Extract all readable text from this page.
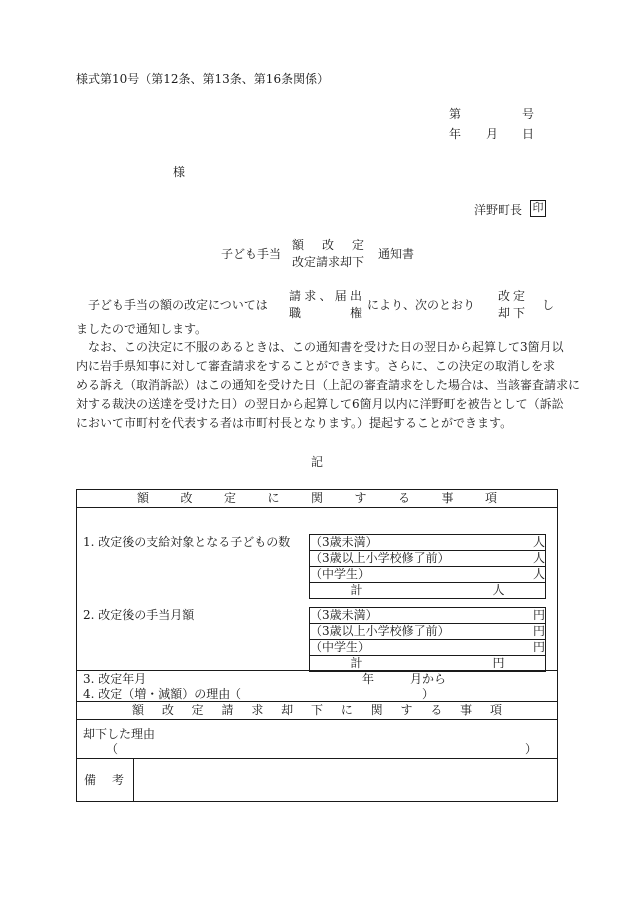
様式第10号（第12条、第13条、第16条関係）
第	号
年 月 日
様
洋野町長 印
子ども手当
額改定
改定請求却下
通知書
子ども手当の額の改定については
請求、届出
職権
により、次のとおり
改定
却下
し
ましたので通知します。
なお、この決定に不服のあるときは、この通知書を受けた日の翌日から起算して3箇月以
内に岩手県知事に対して審査請求をすることができます。さらに、この決定の取消しを求
める訴え（取消訴訟）はこの通知を受けた日（上記の審査請求をした場合は、当該審査請求に
対する裁決の送達を受けた日）の翌日から起算して6箇月以内に洋野町を被告として（訴訟
において市町村を代表する者は市町村長となります。）提起することができます。
記
額改定に関する事項

1. 改定後の支給対象となる子どもの数 （3歳未満）	人

（3歳以上小学校修了前）	人

（中学生）	人

計	人
2. 改定後の手当月額	（3歳未満）	円

（3歳以上小学校修了前）	円

（中学生）	円

計	円

3. 改定年月	年	月から
4. 改定（増・減額）の理由
（	）

額改定請求却下に関する事項

却下した理由
（	）

備考	
